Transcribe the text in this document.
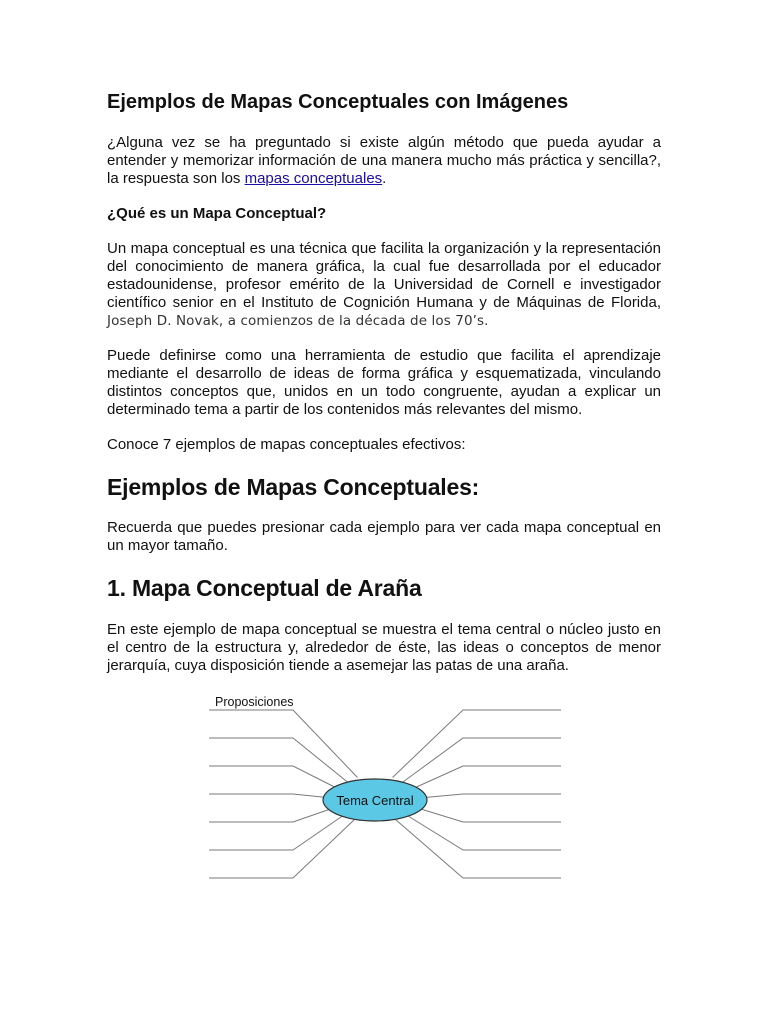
Ejemplos de Mapas Conceptuales con Imágenes

¿Alguna vez se ha preguntado si existe algún método que pueda ayudar a entender y memorizar información de una manera mucho más práctica y sencilla?, la respuesta son los mapas conceptuales.

¿Qué es un Mapa Conceptual?

Un mapa conceptual es una técnica que facilita la organización y la representación del conocimiento de manera gráfica, la cual fue desarrollada por el educador estadounidense, profesor emérito de la Universidad de Cornell e investigador científico senior en el Instituto de Cognición Humana y de Máquinas de Florida, Joseph D. Novak, a comienzos de la década de los 70’s.

Puede definirse como una herramienta de estudio que facilita el aprendizaje mediante el desarrollo de ideas de forma gráfica y esquematizada, vinculando distintos conceptos que, unidos en un todo congruente, ayudan a explicar un determinado tema a partir de los contenidos más relevantes del mismo.

Conoce 7 ejemplos de mapas conceptuales efectivos:

Ejemplos de Mapas Conceptuales:

Recuerda que puedes presionar cada ejemplo para ver cada mapa conceptual en un mayor tamaño.

1. Mapa Conceptual de Araña

En este ejemplo de mapa conceptual se muestra el tema central o núcleo justo en el centro de la estructura y, alrededor de éste, las ideas o conceptos de menor jerarquía, cuya disposición tiende a asemejar las patas de una araña.

Tema Central
Proposiciones
